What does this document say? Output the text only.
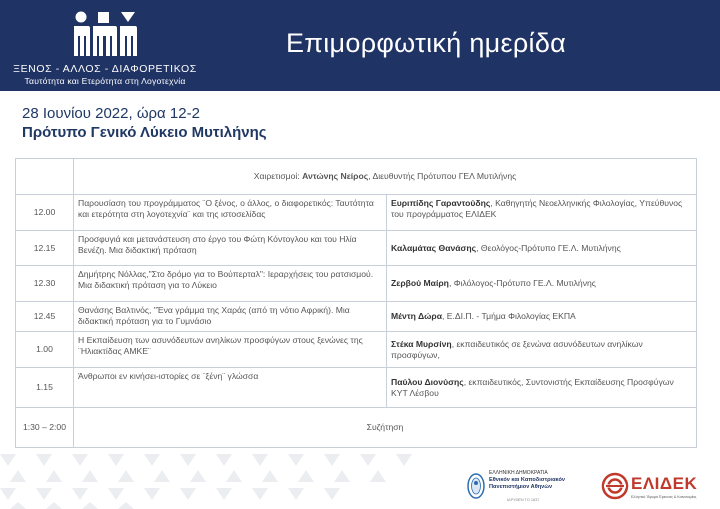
ΞΕΝΟΣ - ΑΛΛΟΣ - ΔΙΑΦΟΡΕΤΙΚΟΣ
Ταυτότητα και Ετερότητα στη Λογοτεχνία
Επιμορφωτική ημερίδα
28 Ιουνίου 2022, ώρα 12-2
Πρότυπο Γενικό Λύκειο Μυτιλήνης
	Χαιρετισμοί: Αντώνης Νείρος, Διευθυντής Πρότυπου ΓΕΛ Μυτιλήνης	
12.00	Παρουσίαση του προγράμματος ¨Ο ξένος, ο άλλος, ο διαφορετικός: Ταυτότητα και ετερότητα στη λογοτεχνία¨ και της ιστοσελίδας	Ευριπίδης Γαραντούδης, Καθηγητής Νεοελληνικής Φιλολογίας, Υπεύθυνος του προγράμματος ΕΛΙΔΕΚ
12.15	Προσφυγιά και μετανάστευση στο έργο του Φώτη Κόντογλου και του Ηλία Βενέζη. Μια διδακτική πρόταση	Καλαμάτας Θανάσης, Θεολόγος-Πρότυπο ΓΕ.Λ. Μυτιλήνης
12.30	Δημήτρης Νόλλας,"Στο δρόμο για το Βούπερταλ": Ιεραρχήσεις του ρατσισμού. Μια διδακτική πρόταση για το Λύκειο	Ζερβού Μαίρη, Φιλόλογος-Πρότυπο ΓΕ.Λ. Μυτιλήνης
12.45	Θανάσης Βαλτινός, "Ένα γράμμα της Χαράς (από τη νότιο Αφρική). Μια διδακτική πρόταση για το Γυμνάσιο	Μέντη Δώρα, Ε.ΔΙ.Π. - Τμήμα Φιλολογίας ΕΚΠΑ
1.00	Η Εκπαίδευση των ασυνόδευτων ανηλίκων προσφύγων στους ξενώνες της ¨Ηλιακτίδας ΑΜΚΕ¨	Στέκα Μυρσίνη, εκπαιδευτικός σε ξενώνα ασυνόδευτων ανηλίκων προσφύγων,
1.15	Άνθρωποι εν κινήσει-ιστορίες σε ¨ξένη¨ γλώσσα	Παύλου Διονύσης, εκπαιδευτικός, Συντονιστής Εκπαίδευσης Προσφύγων ΚΥΤ Λέσβου
1:30 – 2:00	Συζήτηση	
ΕΛΛΗΝΙΚΗ ΔΗΜΟΚΡΑΤΙΑ
Εθνικόν και Καποδιστριακόν Πανεπιστήμιον Αθηνών
ΙΔΡΥΘΕΝ ΤΟ 1837
ΕΛΙΔΕΚ
Ελληνικό Ίδρυμα Έρευνας & Καινοτομίας
